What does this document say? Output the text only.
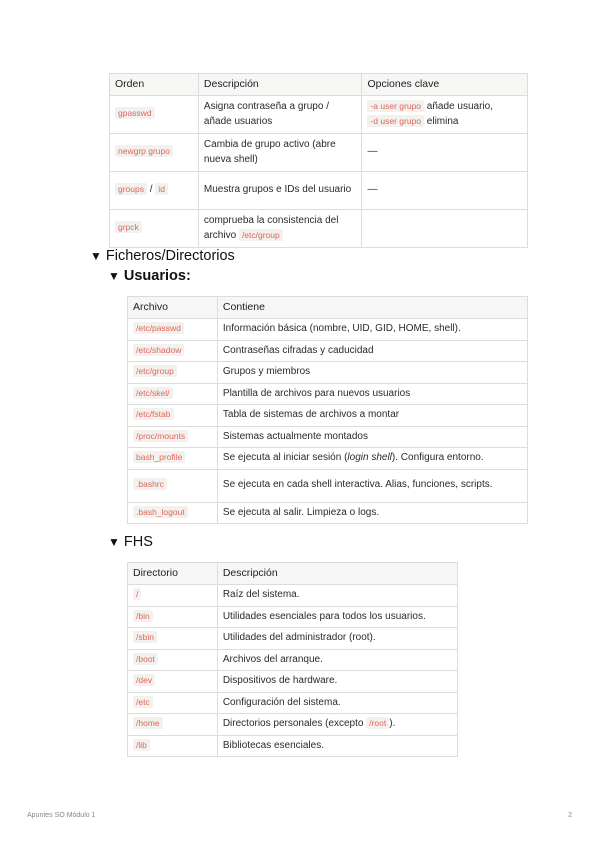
Orden	Descripción	Opciones clave
gpasswd	Asigna contraseña a grupo / añade usuarios	-a user grupo añade usuario, -d user grupo elimina
newgrp grupo	Cambia de grupo activo (abre nueva shell)	—
groups / id	Muestra grupos e IDs del usuario	—
grpck	comprueba la consistencia del archivo /etc/group	
▼ Ficheros/Directorios
▼ Usuarios:
Archivo	Contiene
/etc/passwd	Información básica (nombre, UID, GID, HOME, shell).
/etc/shadow	Contraseñas cifradas y caducidad
/etc/group	Grupos y miembros
/etc/skel/	Plantilla de archivos para nuevos usuarios
/etc/fstab	Tabla de sistemas de archivos a montar
/proc/mounts	Sistemas actualmente montados
bash_profile	Se ejecuta al iniciar sesión (login shell). Configura entorno.
.bashrc	Se ejecuta en cada shell interactiva. Alias, funciones, scripts.
.bash_logout	Se ejecuta al salir. Limpieza o logs.
▼ FHS
Directorio	Descripción
/	Raíz del sistema.
/bin	Utilidades esenciales para todos los usuarios.
/sbin	Utilidades del administrador (root).
/boot	Archivos del arranque.
/dev	Dispositivos de hardware.
/etc	Configuración del sistema.
/home	Directorios personales (excepto /root ).
/lib	Bibliotecas esenciales.
Apuntes SO Módulo 1	2
